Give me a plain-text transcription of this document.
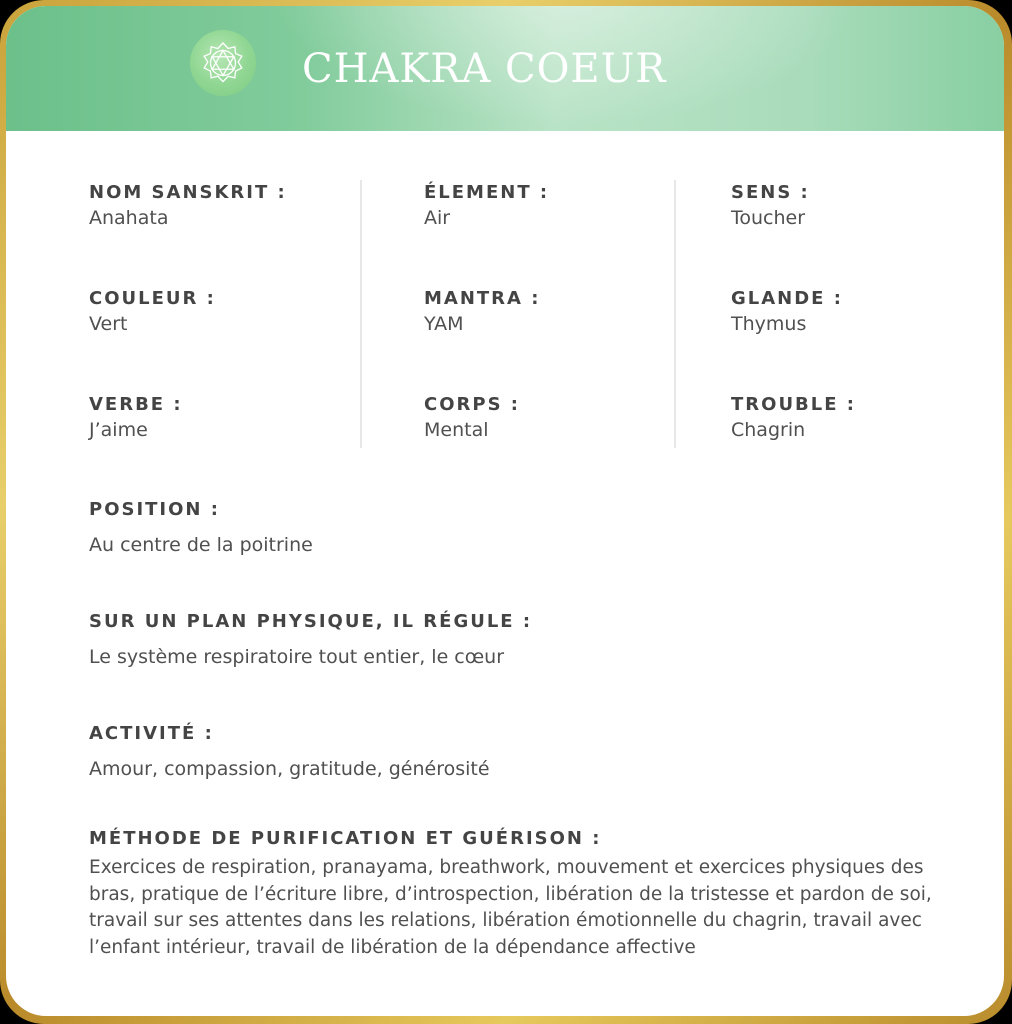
CHAKRA COEUR
NOM SANSKRIT :
Anahata
ÉLEMENT :
Air
SENS :
Toucher
COULEUR :
Vert
MANTRA :
YAM
GLANDE :
Thymus
VERBE :
J’aime
CORPS :
Mental
TROUBLE :
Chagrin
POSITION :
Au centre de la poitrine
SUR UN PLAN PHYSIQUE, IL RÉGULE :
Le système respiratoire tout entier, le cœur
ACTIVITÉ :
Amour, compassion, gratitude, générosité
MÉTHODE DE PURIFICATION ET GUÉRISON :
Exercices de respiration, pranayama, breathwork, mouvement et exercices physiques des bras, pratique de l’écriture libre, d’introspection, libération de la tristesse et pardon de soi, travail sur ses attentes dans les relations, libération émotionnelle du chagrin, travail avec l’enfant intérieur, travail de libération de la dépendance affective
